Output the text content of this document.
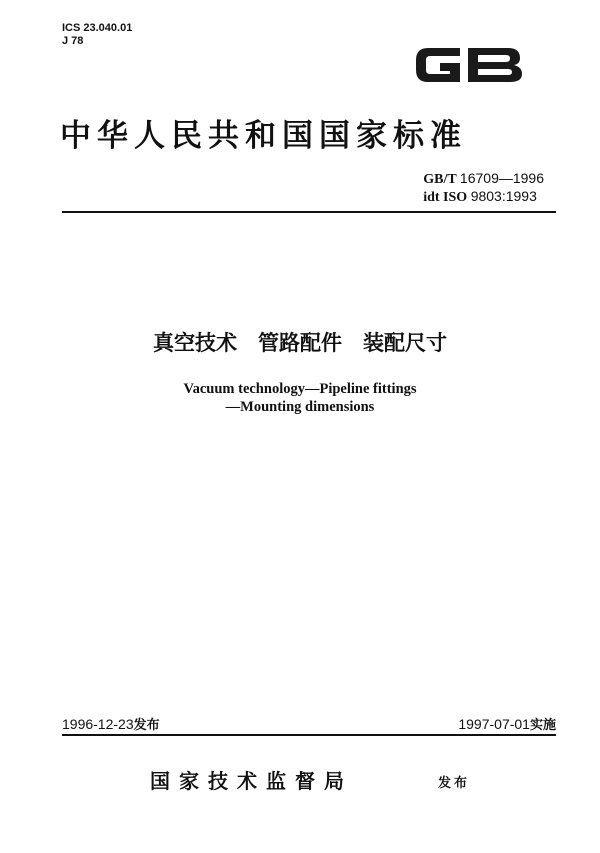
ICS 23.040.01
J 78
中华人民共和国国家标准
GB/T 16709—1996
idt ISO 9803:1993
真空技术　管路配件　装配尺寸
Vacuum technology—Pipeline fittings
—Mounting dimensions
1996-12-23发布	1997-07-01实施
国家技术监督局	发布
